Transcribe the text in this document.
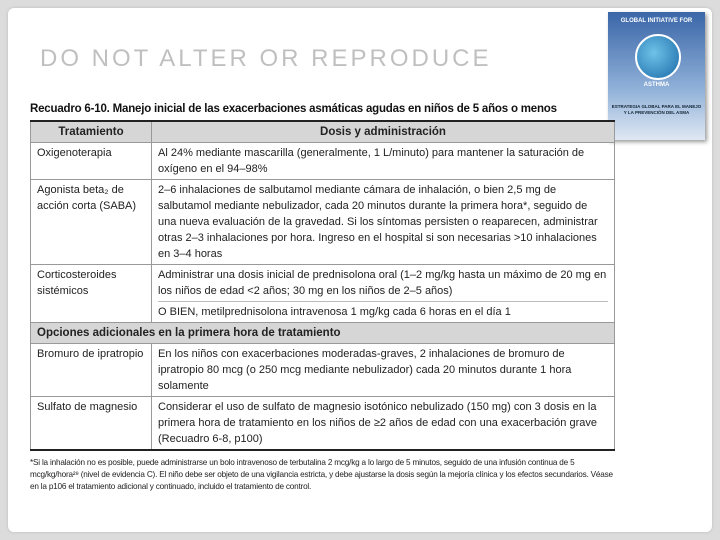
DO NOT ALTER OR REPRODUCE
GLOBAL INITIATIVE FOR
ASTHMA
ESTRATEGIA GLOBAL PARA EL MANEJO Y LA PREVENCIÓN DEL ASMA
Recuadro 6-10. Manejo inicial de las exacerbaciones asmáticas agudas en niños de 5 años o menos
Tratamiento	Dosis y administración
Oxigenoterapia	Al 24% mediante mascarilla (generalmente, 1 L/minuto) para mantener la saturación de oxígeno en el 94–98%
Agonista beta₂ de acción corta (SABA)	2–6 inhalaciones de salbutamol mediante cámara de inhalación, o bien 2,5 mg de salbutamol mediante nebulizador, cada 20 minutos durante la primera hora*, seguido de una nueva evaluación de la gravedad. Si los síntomas persisten o reaparecen, administrar otras 2–3 inhalaciones por hora. Ingreso en el hospital si son necesarias >10 inhalaciones en 3–4 horas
Corticosteroides sistémicos	Administrar una dosis inicial de prednisolona oral (1–2 mg/kg hasta un máximo de 20 mg en los niños de edad <2 años; 30 mg en los niños de 2–5 años)
O BIEN, metilprednisolona intravenosa 1 mg/kg cada 6 horas en el día 1

Opciones adicionales en la primera hora de tratamiento	
Bromuro de ipratropio	En los niños con exacerbaciones moderadas-graves, 2 inhalaciones de bromuro de ipratropio 80 mcg (o 250 mcg mediante nebulizador) cada 20 minutos durante 1 hora solamente
Sulfato de magnesio	Considerar el uso de sulfato de magnesio isotónico nebulizado (150 mg) con 3 dosis en la primera hora de tratamiento en los niños de ≥2 años de edad con una exacerbación grave (Recuadro 6-8, p100)
*Si la inhalación no es posible, puede administrarse un bolo intravenoso de terbutalina 2 mcg/kg a lo largo de 5 minutos, seguido de una infusión continua de 5 mcg/kg/hora²⁹ (nivel de evidencia C). El niño debe ser objeto de una vigilancia estricta, y debe ajustarse la dosis según la mejoría clínica y los efectos secundarios. Véase en la p106 el tratamiento adicional y continuado, incluido el tratamiento de control.
